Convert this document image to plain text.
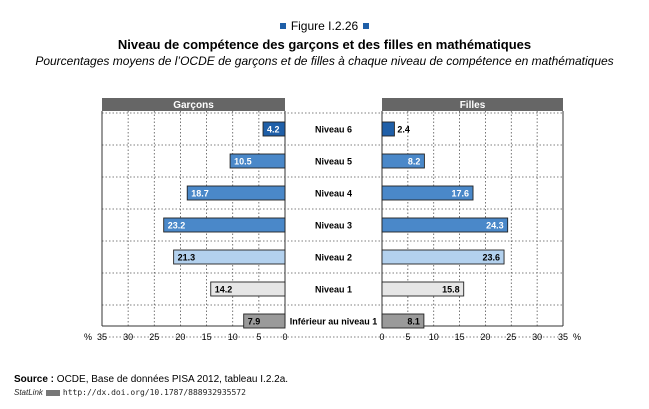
Figure I.2.26
Niveau de compétence des garçons et des filles en mathématiques
Pourcentages moyens de l’OCDE de garçons et de filles à chaque niveau de compétence en mathématiques
Garçons	Filles
4.2	2.4
Niveau 6
10.5	8.2
Niveau 5
18.7	17.6
Niveau 4
23.2	24.3
Niveau 3
21.3	23.6
Niveau 2
14.2	15.8
Niveau 1
7.9	8.1
Inférieur au niveau 1
0	0
5	5
10	10
15	15
20	20
25	25
30	30
35	35
%	%
Source : OCDE, Base de données PISA 2012, tableau I.2.2a.
StatLink	http://dx.doi.org/10.1787/888932935572
